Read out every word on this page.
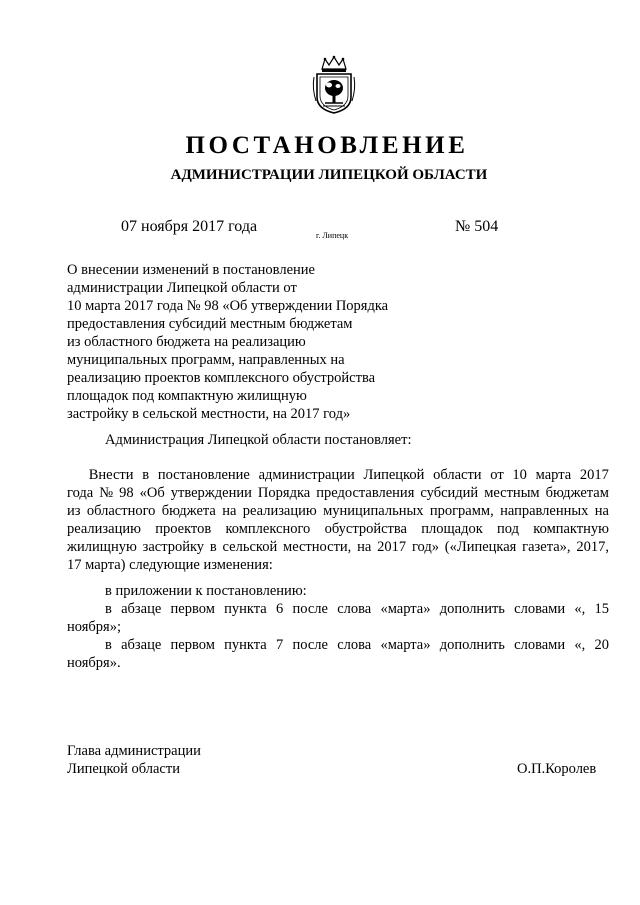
ПОСТАНОВЛЕНИЕ
АДМИНИСТРАЦИИ ЛИПЕЦКОЙ ОБЛАСТИ
07 ноября 2017 года
г. Липецк
№ 504
О внесении изменений в постановление
администрации Липецкой области от
10 марта 2017 года № 98 «Об утверждении Порядка
предоставления субсидий местным бюджетам
из областного бюджета на реализацию
муниципальных программ, направленных на
реализацию проектов комплексного обустройства
площадок под компактную жилищную
застройку в сельской местности, на 2017 год»
Администрация Липецкой области постановляет:
Внести в постановление администрации Липецкой области от 10 марта 2017
года № 98 «Об утверждении Порядка предоставления субсидий местным бюджетам
из областного бюджета на реализацию муниципальных программ, направленных на
реализацию проектов комплексного обустройства площадок под компактную
жилищную застройку в сельской местности, на 2017 год» («Липецкая газета», 2017,
17 марта) следующие изменения:
в приложении к постановлению:
в абзаце первом пункта 6 после слова «марта» дополнить словами «, 15
ноября»;
в абзаце первом пункта 7 после слова «марта» дополнить словами «, 20
ноября».
Глава администрации
Липецкой области	О.П.Королев
